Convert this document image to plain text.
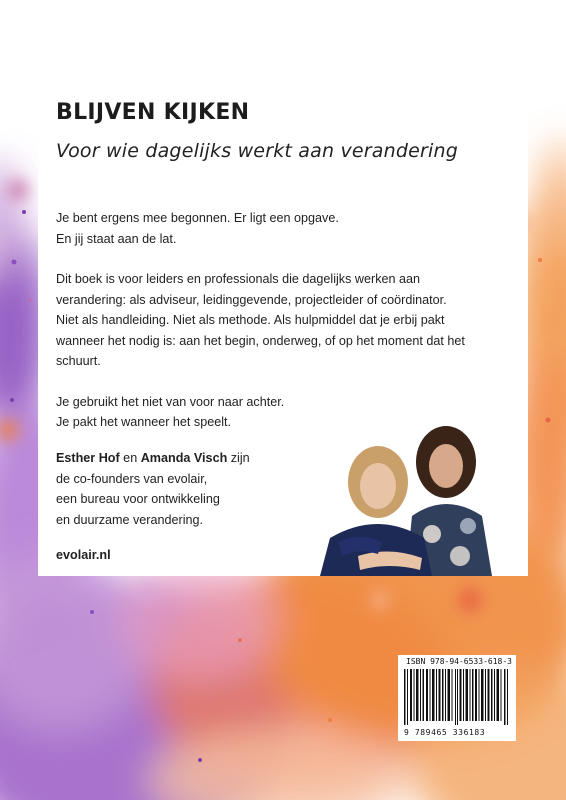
BLIJVEN KIJKEN
Voor wie dagelijks werkt aan verandering

Je bent ergens mee begonnen. Er ligt een opgave.
En jij staat aan de lat.

Dit boek is voor leiders en professionals die dagelijks werken aan
verandering: als adviseur, leidinggevende, projectleider of coördinator.
Niet als handleiding. Niet als methode. Als hulpmiddel dat je erbij pakt
wanneer het nodig is: aan het begin, onderweg, of op het moment dat het
schuurt.

Je gebruikt het niet van voor naar achter.
Je pakt het wanneer het speelt.

Esther Hof en Amanda Visch zijn
de co-founders van evolair,
een bureau voor ontwikkeling
en duurzame verandering.
evolair.nl
ISBN 978-94-6533-618-3
9 789465 336183
